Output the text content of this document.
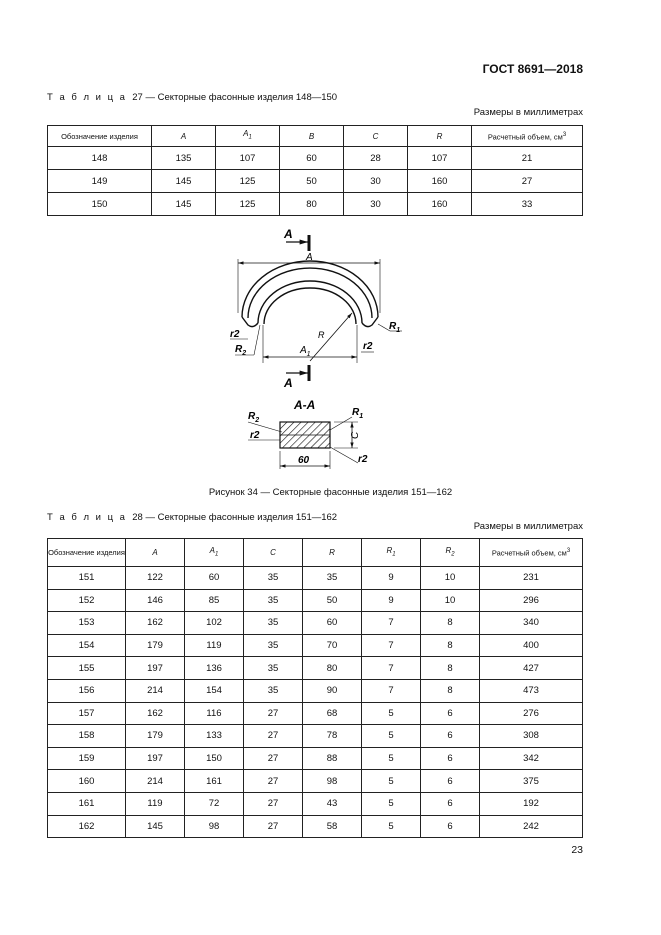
ГОСТ 8691—2018
Т а б л и ц а 27 — Секторные фасонные изделия 148—150
Размеры в миллиметрах
Обозначение изделия	A	$A_1$	B	C	R	Расчетный объем, $см^3$
148	135	107	60	28	107	21
149	145	125	50	30	160	27
150	145	125	80	30	160	33
A
A
R
$A_1$
$R_1$
r2
$R_2$
r2
A
A-A
C
$R_2$
r2
$R_1$
r2
60
Рисунок 34 — Секторные фасонные изделия 151—162
Т а б л и ц а 28 — Секторные фасонные изделия 151—162
Размеры в миллиметрах
Обозначение изделия	A	$A_1$	C	R	$R_1$	$R_2$	Расчетный объем, $см^3$
151	122	60	35	35	9	10	231
152	146	85	35	50	9	10	296
153	162	102	35	60	7	8	340
154	179	119	35	70	7	8	400
155	197	136	35	80	7	8	427
156	214	154	35	90	7	8	473
157	162	116	27	68	5	6	276
158	179	133	27	78	5	6	308
159	197	150	27	88	5	6	342
160	214	161	27	98	5	6	375
161	119	72	27	43	5	6	192
162	145	98	27	58	5	6	242
23
